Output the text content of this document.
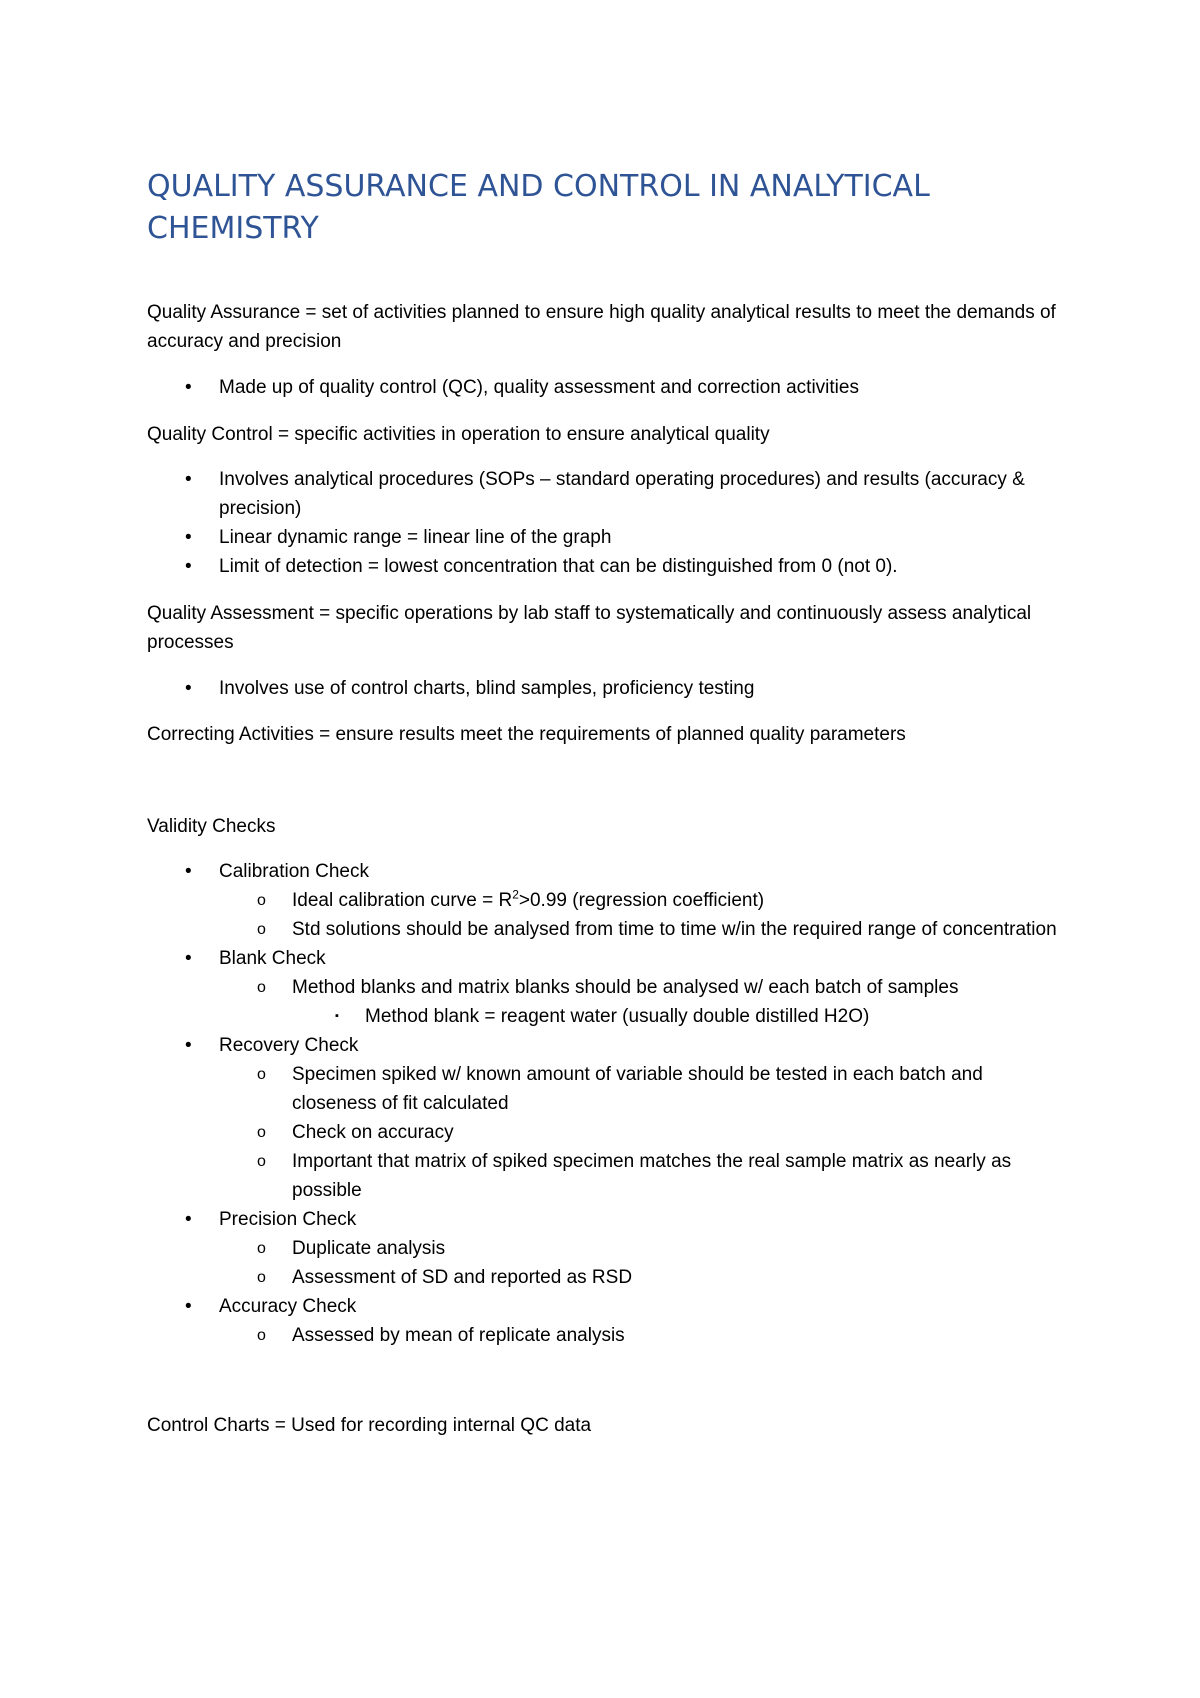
QUALITY ASSURANCE AND CONTROL IN ANALYTICAL CHEMISTRY

Quality Assurance = set of activities planned to ensure high quality analytical results to meet the demands of accuracy and precision

• Made up of quality control (QC), quality assessment and correction activities

Quality Control = specific activities in operation to ensure analytical quality

• Involves analytical procedures (SOPs – standard operating procedures) and results (accuracy & precision)
• Linear dynamic range = linear line of the graph
• Limit of detection = lowest concentration that can be distinguished from 0 (not 0).

Quality Assessment = specific operations by lab staff to systematically and continuously assess analytical processes

• Involves use of control charts, blind samples, proficiency testing

Correcting Activities = ensure results meet the requirements of planned quality parameters

Validity Checks

• Calibration Check
o Ideal calibration curve = $R^2>0.99$ (regression coefficient)
o Std solutions should be analysed from time to time w/in the required range of concentration
• Blank Check
o Method blanks and matrix blanks should be analysed w/ each batch of samples
▪ Method blank = reagent water (usually double distilled H2O)
• Recovery Check
o Specimen spiked w/ known amount of variable should be tested in each batch and closeness of fit calculated
o Check on accuracy
o Important that matrix of spiked specimen matches the real sample matrix as nearly as possible
• Precision Check
o Duplicate analysis
o Assessment of SD and reported as RSD
• Accuracy Check
o Assessed by mean of replicate analysis

Control Charts = Used for recording internal QC data
